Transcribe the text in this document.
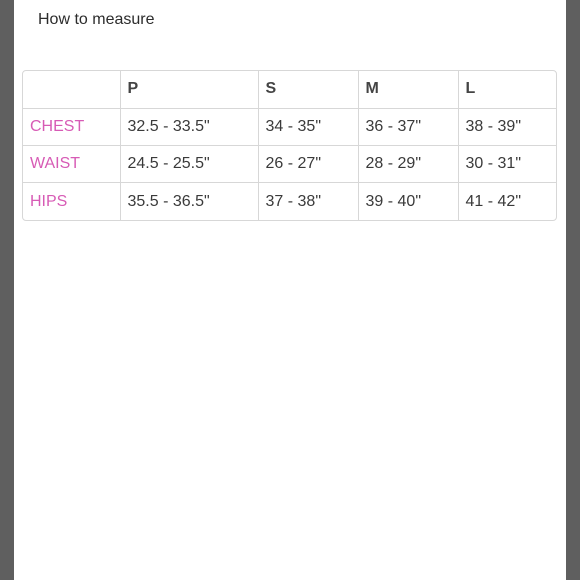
How to measure
	P	S	M	L
CHEST	32.5 - 33.5"	34 - 35"	36 - 37"	38 - 39"
WAIST	24.5 - 25.5"	26 - 27"	28 - 29"	30 - 31"
HIPS	35.5 - 36.5"	37 - 38"	39 - 40"	41 - 42"
